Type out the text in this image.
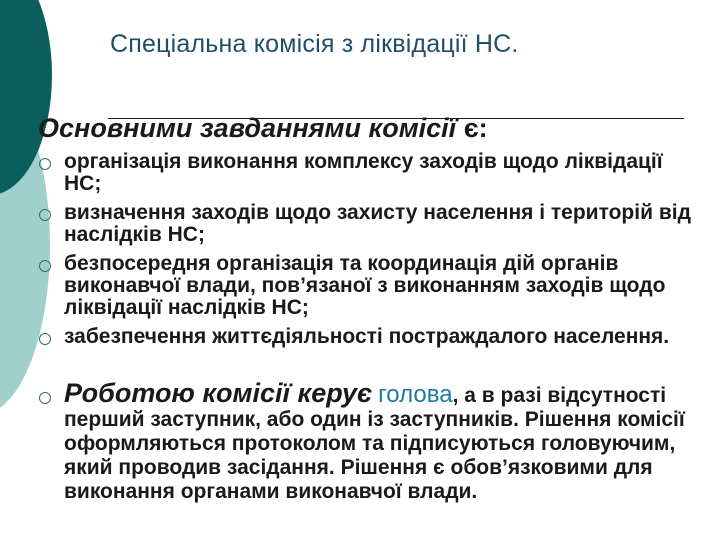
Спеціальна комісія з ліквідації НС.
Основними завданнями комісії є:
організація виконання комплексу заходів щодо ліквідації НС;
визначення заходів щодо захисту населення і територій від наслідків НС;
безпосередня організація та координація дій органів виконавчої влади, пов’язаної з виконанням заходів щодо ліквідації наслідків НС;
забезпечення життєдіяльності постраждалого населення.
Роботою комісії керує голова, а в разі відсутності перший заступник, або один із заступників. Рішення комісії оформляються протоколом та підписуються головуючим, який проводив засідання. Рішення є обов’язковими для виконання органами виконавчої влади.
